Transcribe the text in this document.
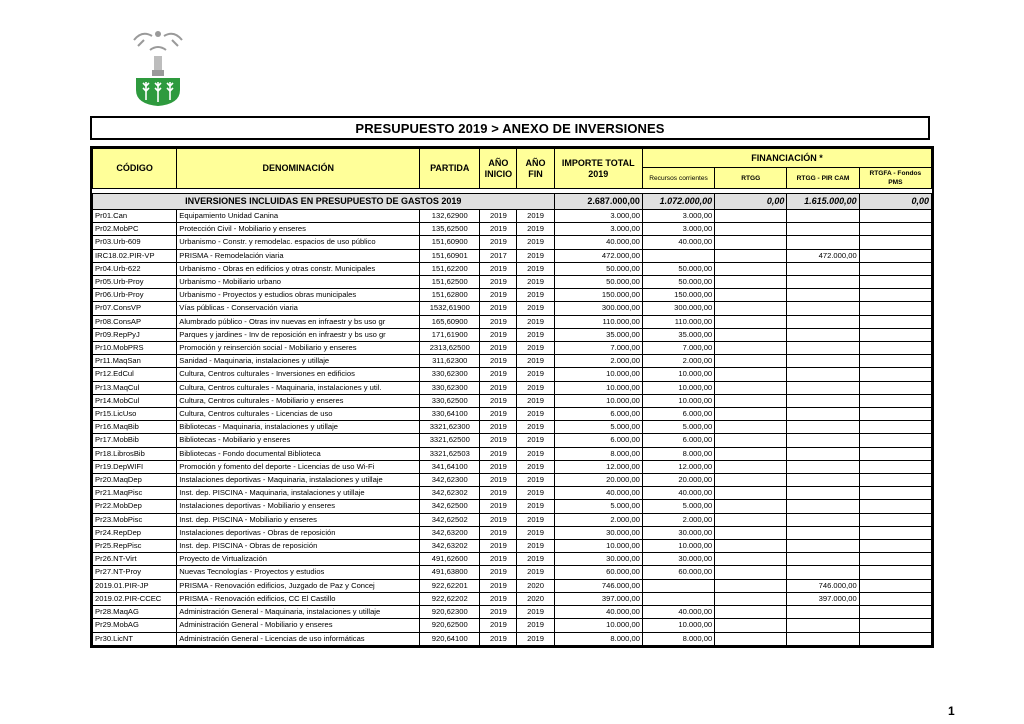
PRESUPUESTO 2019 > ANEXO DE INVERSIONES
CÓDIGO	DENOMINACIÓN	PARTIDA	AÑO INICIO	AÑO FIN	IMPORTE TOTAL 2019	FINANCIACIÓN *			
						Recursos corrientes	RTGG	RTGG - PIR CAM	RTGFA - Fondos PMS

INVERSIONES INCLUIDAS EN PRESUPUESTO DE GASTOS 2019					2.687.000,00	1.072.000,00	0,00	1.615.000,00	0,00
Pr01.Can	Equipamiento Unidad Canina	132,62900	2019	2019	3.000,00	3.000,00			
Pr02.MobPC	Protección Civil - Mobiliario y enseres	135,62500	2019	2019	3.000,00	3.000,00			
Pr03.Urb-609	Urbanismo - Constr. y remodelac. espacios de uso público	151,60900	2019	2019	40.000,00	40.000,00			
IRC18.02.PIR-VP	PRISMA - Remodelación viaria	151,60901	2017	2019	472.000,00			472.000,00	
Pr04.Urb-622	Urbanismo - Obras en edificios y otras constr. Municipales	151,62200	2019	2019	50.000,00	50.000,00			
Pr05.Urb-Proy	Urbanismo - Mobiliario urbano	151,62500	2019	2019	50.000,00	50.000,00			
Pr06.Urb-Proy	Urbanismo - Proyectos y estudios obras municipales	151,62800	2019	2019	150.000,00	150.000,00			
Pr07.ConsVP	Vías públicas - Conservación viaria	1532,61900	2019	2019	300.000,00	300.000,00			
Pr08.ConsAP	Alumbrado público - Otras inv nuevas en infraestr y bs uso gr	165,60900	2019	2019	110.000,00	110.000,00			
Pr09.RepPyJ	Parques y jardines - Inv de reposición en infraestr y bs uso gr	171,61900	2019	2019	35.000,00	35.000,00			
Pr10.MobPRS	Promoción y reinserción social - Mobiliario y enseres	2313,62500	2019	2019	7.000,00	7.000,00			
Pr11.MaqSan	Sanidad - Maquinaria, instalaciones y utillaje	311,62300	2019	2019	2.000,00	2.000,00			
Pr12.EdCul	Cultura, Centros culturales - Inversiones en edificios	330,62300	2019	2019	10.000,00	10.000,00			
Pr13.MaqCul	Cultura, Centros culturales - Maquinaria, instalaciones y util.	330,62300	2019	2019	10.000,00	10.000,00			
Pr14.MobCul	Cultura, Centros culturales - Mobiliario y enseres	330,62500	2019	2019	10.000,00	10.000,00			
Pr15.LicUso	Cultura, Centros culturales - Licencias de uso	330,64100	2019	2019	6.000,00	6.000,00			
Pr16.MaqBib	Bibliotecas - Maquinaria, instalaciones y utillaje	3321,62300	2019	2019	5.000,00	5.000,00			
Pr17.MobBib	Bibliotecas - Mobiliario y enseres	3321,62500	2019	2019	6.000,00	6.000,00			
Pr18.LibrosBib	Bibliotecas - Fondo documental Biblioteca	3321,62503	2019	2019	8.000,00	8.000,00			
Pr19.DepWIFI	Promoción y fomento del deporte - Licencias de uso Wi-Fi	341,64100	2019	2019	12.000,00	12.000,00			
Pr20.MaqDep	Instalaciones deportivas - Maquinaria, instalaciones y utillaje	342,62300	2019	2019	20.000,00	20.000,00			
Pr21.MaqPisc	Inst. dep. PISCINA - Maquinaria, instalaciones y utillaje	342,62302	2019	2019	40.000,00	40.000,00			
Pr22.MobDep	Instalaciones deportivas - Mobiliario y enseres	342,62500	2019	2019	5.000,00	5.000,00			
Pr23.MobPisc	Inst. dep. PISCINA - Mobiliario y enseres	342,62502	2019	2019	2.000,00	2.000,00			
Pr24.RepDep	Instalaciones deportivas - Obras de reposición	342,63200	2019	2019	30.000,00	30.000,00			
Pr25.RepPisc	Inst. dep. PISCINA - Obras de reposición	342,63202	2019	2019	10.000,00	10.000,00			
Pr26.NT-Virt	Proyecto de Virtualización	491,62600	2019	2019	30.000,00	30.000,00			
Pr27.NT-Proy	Nuevas Tecnologías - Proyectos y estudios	491,63800	2019	2019	60.000,00	60.000,00			
2019.01.PIR-JP	PRISMA - Renovación edificios, Juzgado de Paz y Concej	922,62201	2019	2020	746.000,00			746.000,00	
2019.02.PIR-CCEC	PRISMA - Renovación edificios, CC El Castillo	922,62202	2019	2020	397.000,00			397.000,00	
Pr28.MaqAG	Administración General - Maquinaria, instalaciones y utillaje	920,62300	2019	2019	40.000,00	40.000,00			
Pr29.MobAG	Administración General - Mobiliario y enseres	920,62500	2019	2019	10.000,00	10.000,00			
Pr30.LicNT	Administración General - Licencias de uso informáticas	920,64100	2019	2019	8.000,00	8.000,00			
1
